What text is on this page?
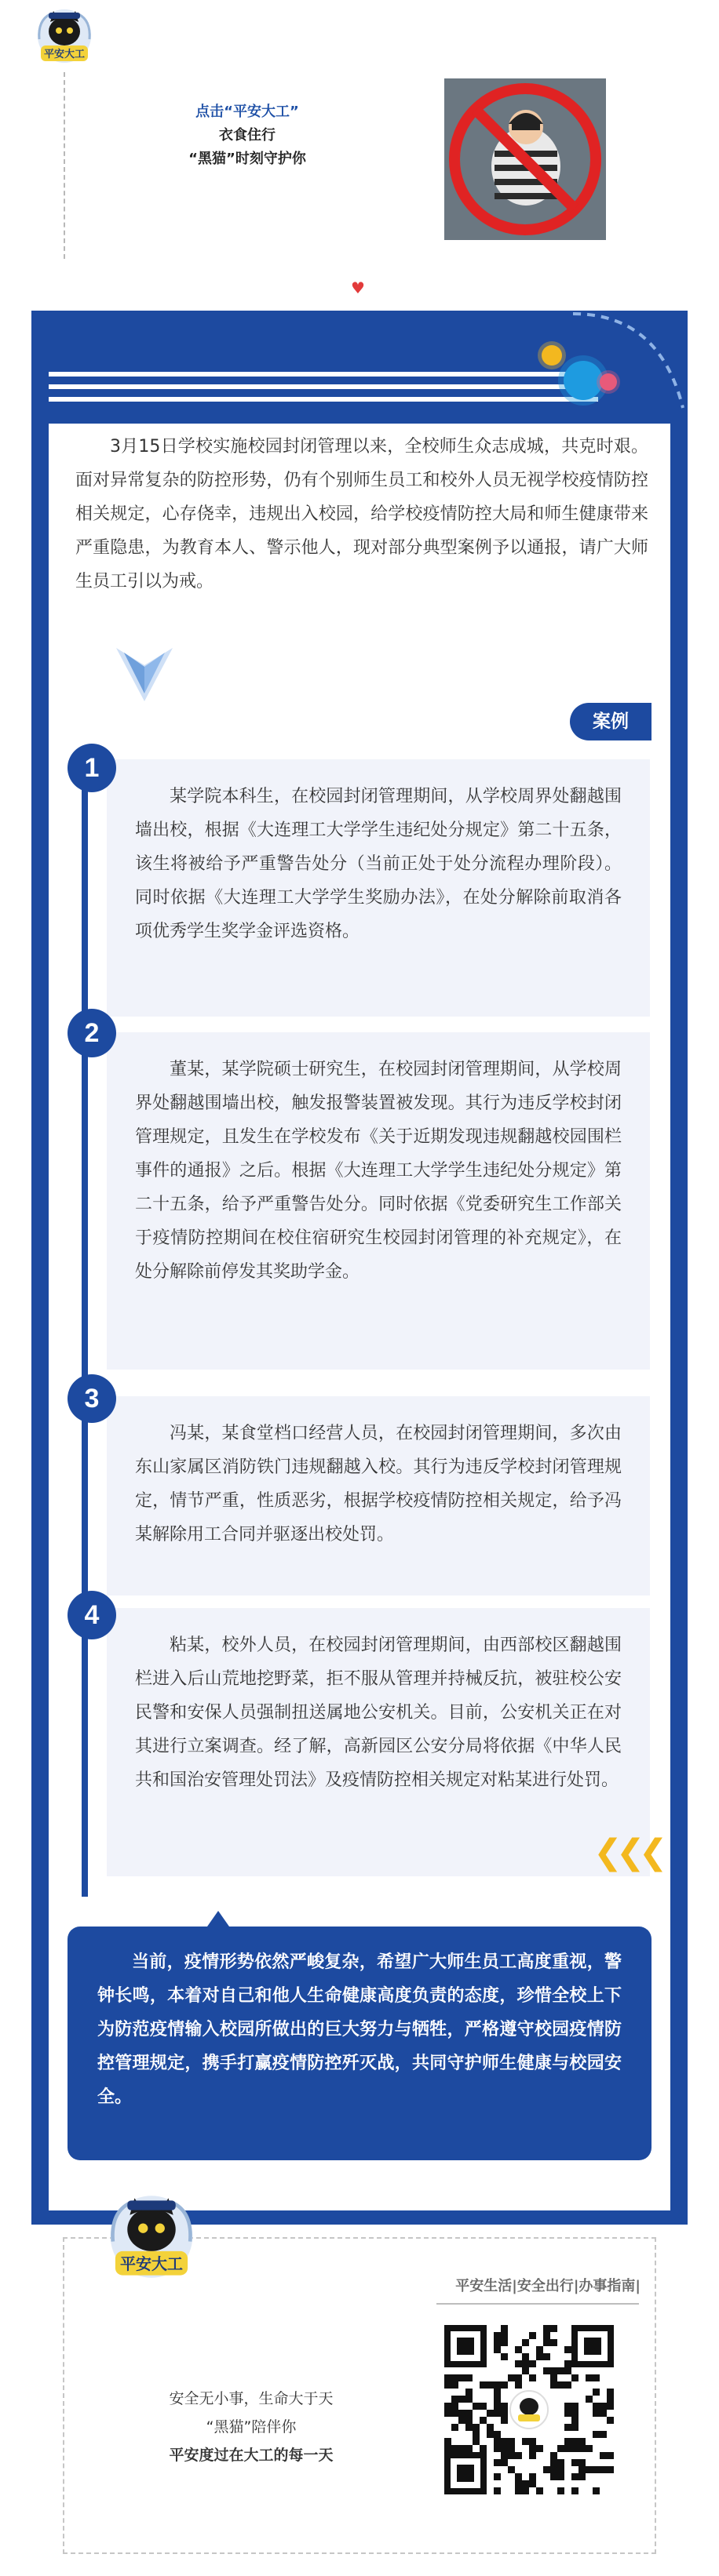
平安大工
点击“平安大工”
衣食住行
“黑猫”时刻守护你
♥

3月15日学校实施校园封闭管理以来，全校师生众志成城，共克时艰。面对异常复杂的防控形势，仍有个别师生员工和校外人员无视学校疫情防控相关规定，心存侥幸，违规出入校园，给学校疫情防控大局和师生健康带来严重隐患，为教育本人、警示他人，现对部分典型案例予以通报，请广大师生员工引以为戒。

案例
某学院本科生，在校园封闭管理期间，从学校周界处翻越围墙出校，根据《大连理工大学学生违纪处分规定》第二十五条，该生将被给予严重警告处分（当前正处于处分流程办理阶段）。同时依据《大连理工大学学生奖励办法》，在处分解除前取消各项优秀学生奖学金评选资格。
1
董某，某学院硕士研究生，在校园封闭管理期间，从学校周界处翻越围墙出校，触发报警装置被发现。其行为违反学校封闭管理规定，且发生在学校发布《关于近期发现违规翻越校园围栏事件的通报》之后。根据《大连理工大学学生违纪处分规定》第二十五条，给予严重警告处分。同时依据《党委研究生工作部关于疫情防控期间在校住宿研究生校园封闭管理的补充规定》，在处分解除前停发其奖助学金。
2
冯某，某食堂档口经营人员，在校园封闭管理期间，多次由东山家属区消防铁门违规翻越入校。其行为违反学校封闭管理规定，情节严重，性质恶劣，根据学校疫情防控相关规定，给予冯某解除用工合同并驱逐出校处罚。
3
粘某，校外人员，在校园封闭管理期间，由西部校区翻越围栏进入后山荒地挖野菜，拒不服从管理并持械反抗，被驻校公安民警和安保人员强制扭送属地公安机关。目前，公安机关正在对其进行立案调查。经了解，高新园区公安分局将依据《中华人民共和国治安管理处罚法》及疫情防控相关规定对粘某进行处罚。
4
❮❮❮
当前，疫情形势依然严峻复杂，希望广大师生员工高度重视，警钟长鸣，本着对自己和他人生命健康高度负责的态度，珍惜全校上下为防范疫情输入校园所做出的巨大努力与牺牲，严格遵守校园疫情防控管理规定，携手打赢疫情防控歼灭战，共同守护师生健康与校园安全。
平安大工
平安生活|安全出行|办事指南|
安全无小事，生命大于天
“黑猫”陪伴你
平安度过在大工的每一天
